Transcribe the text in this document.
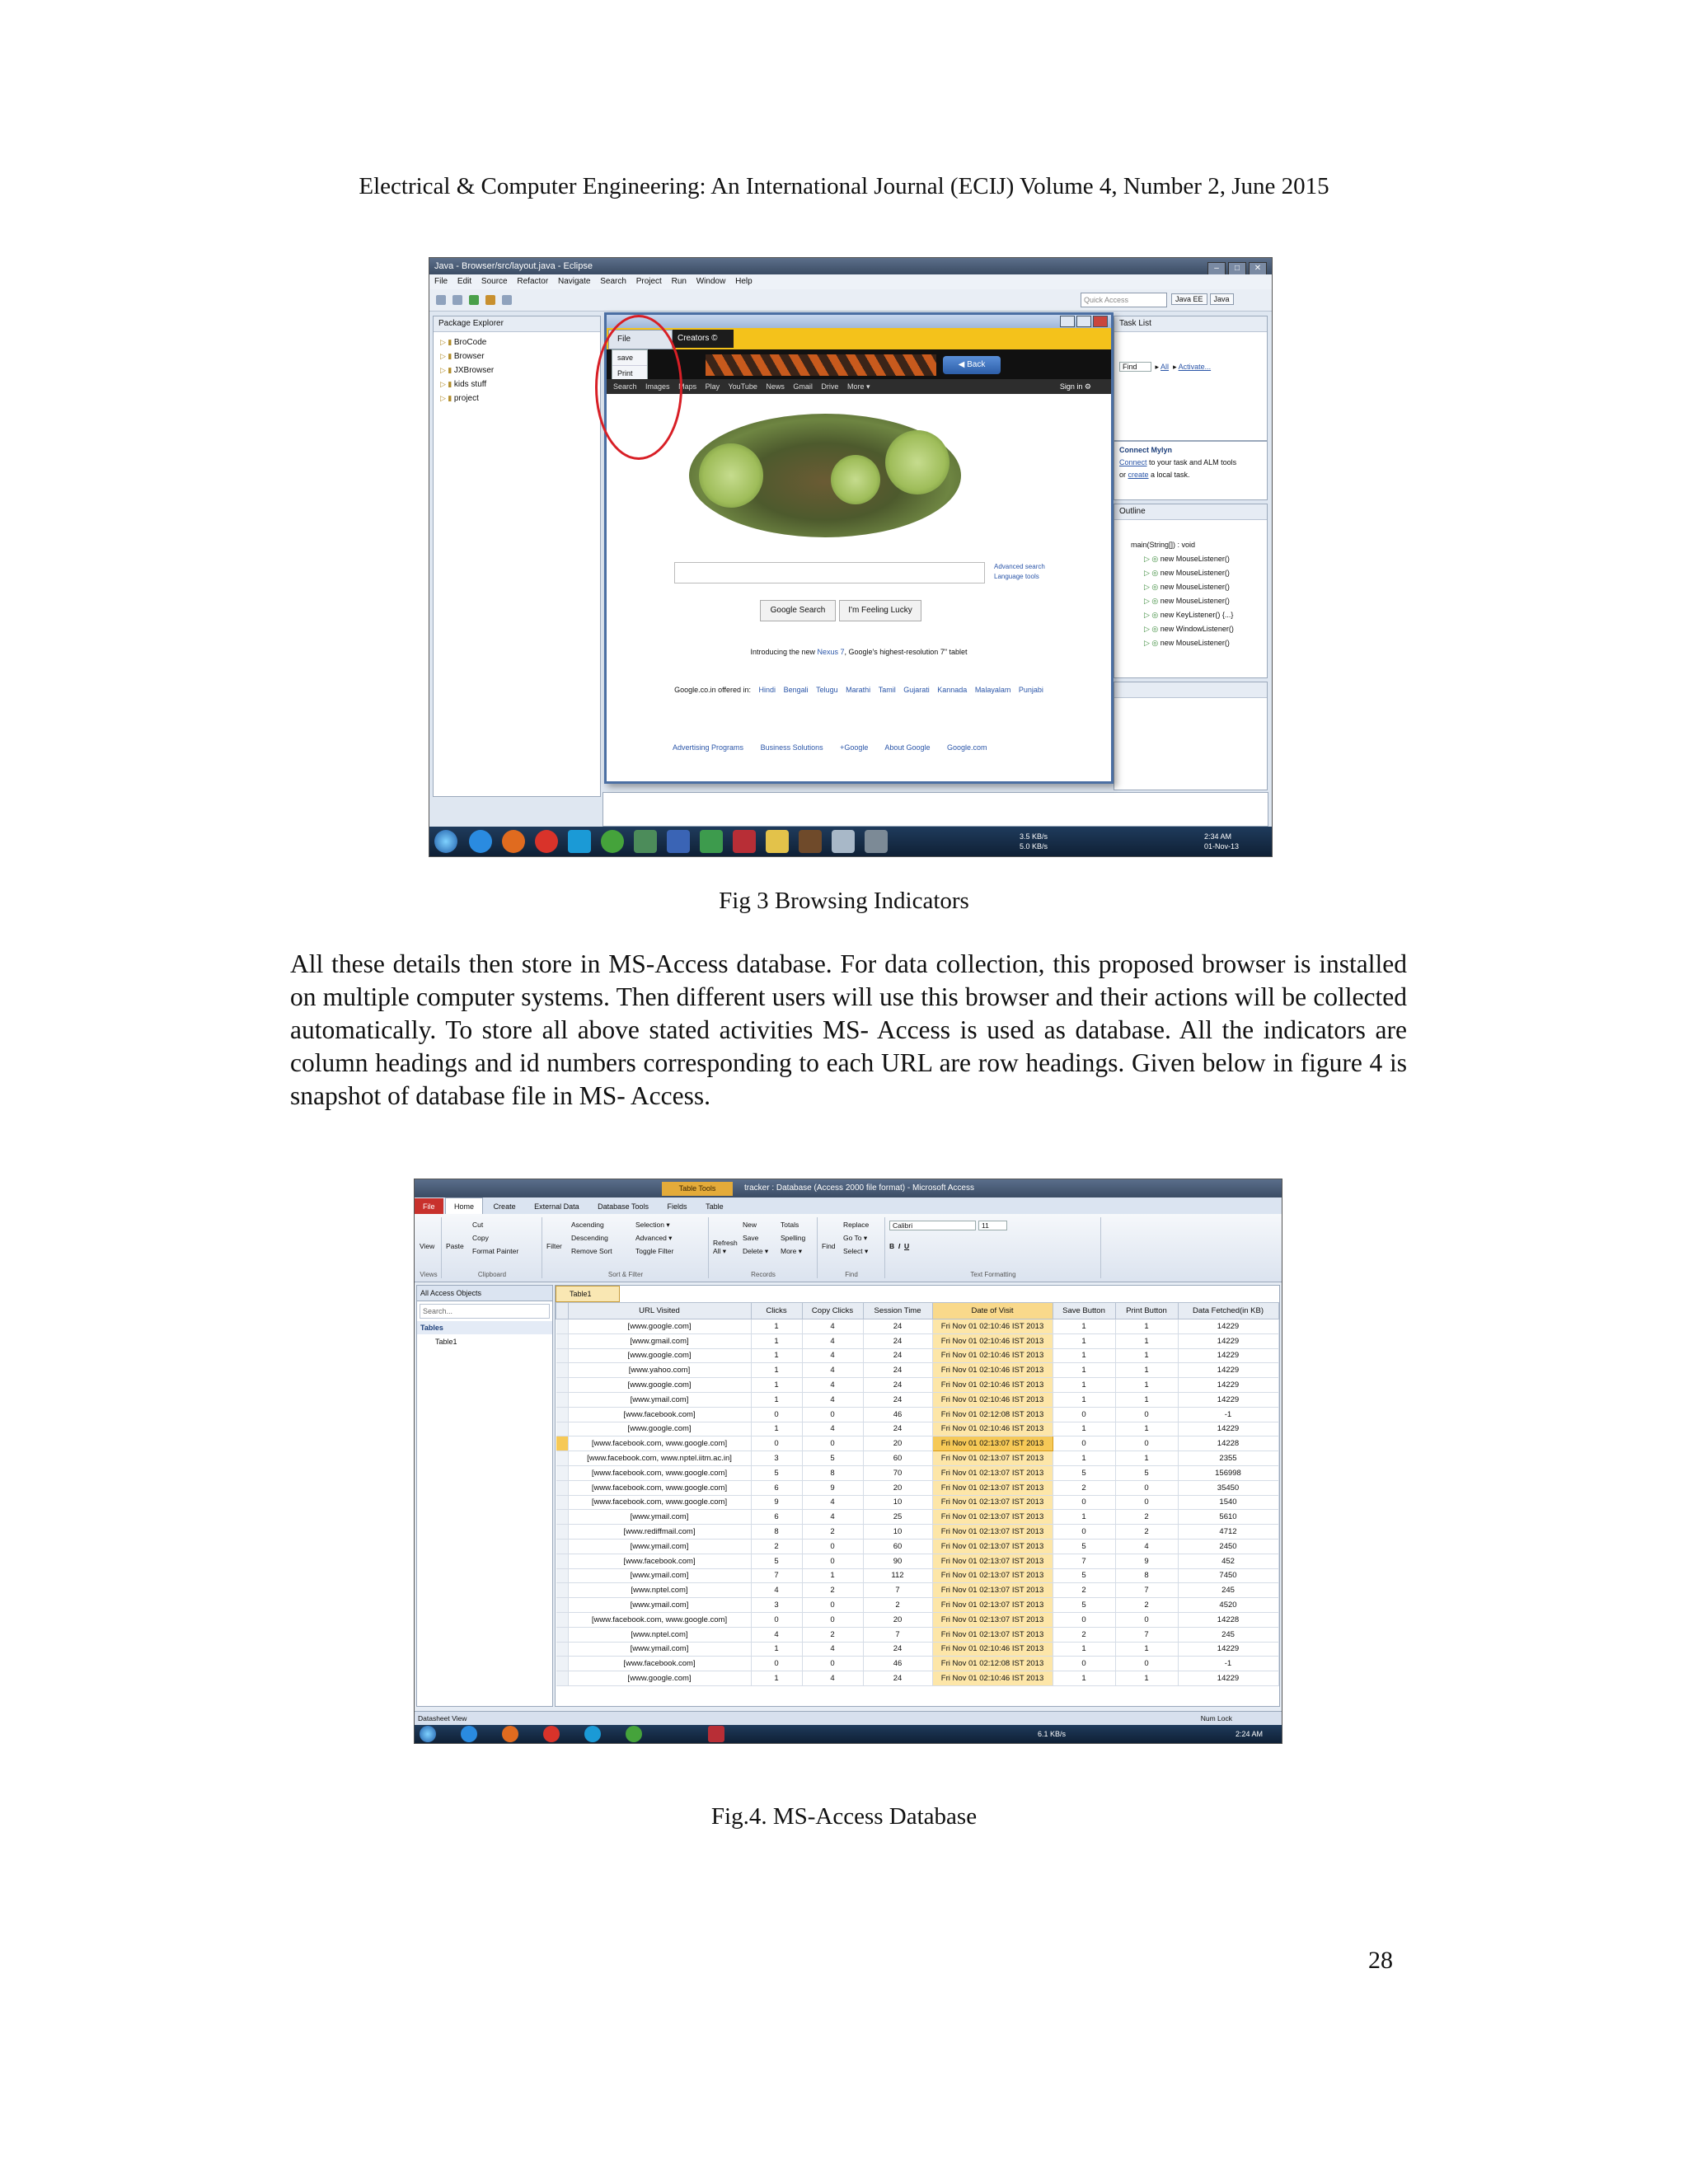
Electrical & Computer Engineering: An International Journal (ECIJ) Volume 4, Number 2, June 2015
Java - Browser/src/layout.java - Eclipse	– □ ✕
File Edit Source Refactor Navigate Search Project Run Window Help
Quick Access	Java EE Java
Package Explorer
▷ ▮ BroCode
▷ ▮ Browser
▷ ▮ JXBrowser
▷ ▮ kids stuff
▷ ▮ project
Task List
Find  ▸ All  ▸ Activate...
Connect Mylyn
Connect to your task and ALM tools
or create a local task.
Outline
main(String[]) : void
▷ ◎ new MouseListener()
▷ ◎ new MouseListener()
▷ ◎ new MouseListener()
▷ ◎ new MouseListener()
▷ ◎ new KeyListener() {...}
▷ ◎ new WindowListener()
▷ ◎ new MouseListener()
File	Creators ©
◀ Back
save
Print
Search Images Maps Play YouTube News Gmail Drive More ▾	Sign in ⚙
Advanced search
Language tools
Google Search	I'm Feeling Lucky
Introducing the new Nexus 7, Google's highest-resolution 7" tablet
Google.co.in offered in: Hindi Bengali Telugu Marathi Tamil Gujarati Kannada Malayalam Punjabi
Advertising Programs Business Solutions +Google About Google Google.com
3.5 KB/s
5.0 KB/s
2:34 AM
01-Nov-13
Fig 3 Browsing Indicators

All these details then store in MS-Access database. For data collection, this proposed browser is installed on multiple computer systems. Then different users will use this browser and their actions will be collected automatically. To store all above stated activities MS- Access is used as database. All the indicators are column headings and id numbers corresponding to each URL are row headings. Given below in figure 4 is snapshot of database file in MS- Access.

Table Tools	tracker : Database (Access 2000 file format) - Microsoft Access
File	Home	Create	External Data	Database Tools	Fields	Table
View
Views
Paste
Cut
Copy
Format Painter
Clipboard
Filter
Ascending
Descending
Remove Sort
Selection ▾
Advanced ▾
Toggle Filter
Sort & Filter
Refresh All ▾
New
Save
Delete ▾
Totals
Spelling
More ▾
Records
Find
Replace
Go To ▾
Select ▾
Find
Calibri	11
B  I U
Text Formatting
All Access Objects
Search...
Tables
Table1
Table1
	URL Visited	Clicks	Copy Clicks	Session Time	Date of Visit	Save Button	Print Button	Data Fetched(in KB)
	[www.google.com]	1	4	24	Fri Nov 01 02:10:46 IST 2013	1	1	14229
	[www.gmail.com]	1	4	24	Fri Nov 01 02:10:46 IST 2013	1	1	14229
	[www.google.com]	1	4	24	Fri Nov 01 02:10:46 IST 2013	1	1	14229
	[www.yahoo.com]	1	4	24	Fri Nov 01 02:10:46 IST 2013	1	1	14229
	[www.google.com]	1	4	24	Fri Nov 01 02:10:46 IST 2013	1	1	14229
	[www.ymail.com]	1	4	24	Fri Nov 01 02:10:46 IST 2013	1	1	14229
	[www.facebook.com]	0	0	46	Fri Nov 01 02:12:08 IST 2013	0	0	-1
	[www.google.com]	1	4	24	Fri Nov 01 02:10:46 IST 2013	1	1	14229
	[www.facebook.com, www.google.com]	0	0	20	Fri Nov 01 02:13:07 IST 2013	0	0	14228
	[www.facebook.com, www.nptel.iitm.ac.in]	3	5	60	Fri Nov 01 02:13:07 IST 2013	1	1	2355
	[www.facebook.com, www.google.com]	5	8	70	Fri Nov 01 02:13:07 IST 2013	5	5	156998
	[www.facebook.com, www.google.com]	6	9	20	Fri Nov 01 02:13:07 IST 2013	2	0	35450
	[www.facebook.com, www.google.com]	9	4	10	Fri Nov 01 02:13:07 IST 2013	0	0	1540
	[www.ymail.com]	6	4	25	Fri Nov 01 02:13:07 IST 2013	1	2	5610
	[www.rediffmail.com]	8	2	10	Fri Nov 01 02:13:07 IST 2013	0	2	4712
	[www.ymail.com]	2	0	60	Fri Nov 01 02:13:07 IST 2013	5	4	2450
	[www.facebook.com]	5	0	90	Fri Nov 01 02:13:07 IST 2013	7	9	452
	[www.ymail.com]	7	1	112	Fri Nov 01 02:13:07 IST 2013	5	8	7450
	[www.nptel.com]	4	2	7	Fri Nov 01 02:13:07 IST 2013	2	7	245
	[www.ymail.com]	3	0	2	Fri Nov 01 02:13:07 IST 2013	5	2	4520
	[www.facebook.com, www.google.com]	0	0	20	Fri Nov 01 02:13:07 IST 2013	0	0	14228
	[www.nptel.com]	4	2	7	Fri Nov 01 02:13:07 IST 2013	2	7	245
	[www.ymail.com]	1	4	24	Fri Nov 01 02:10:46 IST 2013	1	1	14229
	[www.facebook.com]	0	0	46	Fri Nov 01 02:12:08 IST 2013	0	0	-1
	[www.google.com]	1	4	24	Fri Nov 01 02:10:46 IST 2013	1	1	14229

Datasheet View	Num Lock
6.1 KB/s	2:24 AM
Fig.4. MS-Access Database
28
